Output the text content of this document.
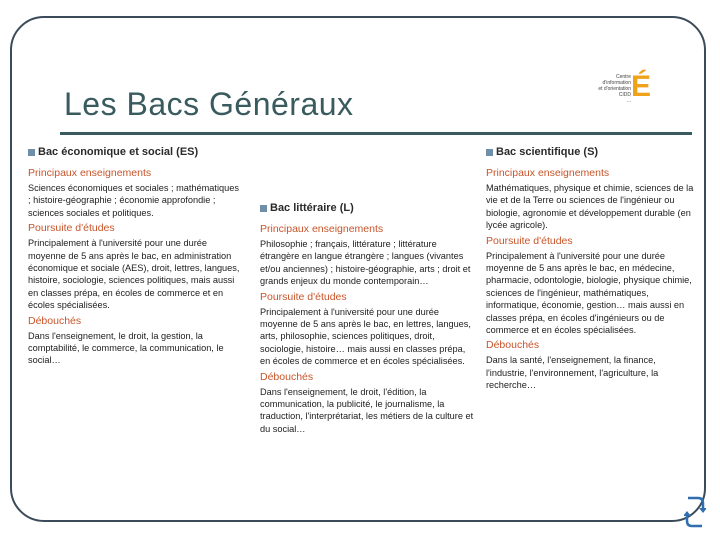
Les Bacs Généraux
Centre d'information
et d'orientation
CIDD
... É
Bac économique et social (ES)
Principaux enseignements
Sciences économiques et sociales ; mathématiques ; histoire-géographie ; économie approfondie ; sciences sociales et politiques.
Poursuite d'études
Principalement à l'université pour une durée moyenne de 5 ans après le bac, en administration économique et sociale (AES), droit, lettres, langues, histoire, sociologie, sciences politiques, mais aussi en classes prépa, en écoles de commerce et en écoles spécialisées.
Débouchés
Dans l'enseignement, le droit, la gestion, la comptabilité, le commerce, la communication, le social…
Bac littéraire (L)
Principaux enseignements
Philosophie ; français, littérature ; littérature étrangère en langue étrangère ; langues (vivantes et/ou anciennes) ; histoire-géographie, arts ; droit et grands enjeux du monde contemporain…
Poursuite d'études
Principalement à l'université pour une durée moyenne de 5 ans après le bac, en lettres, langues, arts, philosophie, sciences politiques, droit, sociologie, histoire… mais aussi en classes prépa, en écoles de commerce et en écoles spécialisées.
Débouchés
Dans l'enseignement, le droit, l'édition, la communication, la publicité, le journalisme, la traduction, l'interprétariat, les métiers de la culture et du social…
Bac scientifique (S)
Principaux enseignements
Mathématiques, physique et chimie, sciences de la vie et de la Terre ou sciences de l'ingénieur ou biologie, agronomie et développement durable (en lycée agricole).
Poursuite d'études
Principalement à l'université pour une durée moyenne de 5 ans après le bac, en médecine, pharmacie, odontologie, biologie, physique chimie, sciences de l'ingénieur, mathématiques, informatique, économie, gestion… mais aussi en classes prépa, en écoles d'ingénieurs ou de commerce et en écoles spécialisées.
Débouchés
Dans la santé, l'enseignement, la finance, l'industrie, l'environnement, l'agriculture, la recherche…
